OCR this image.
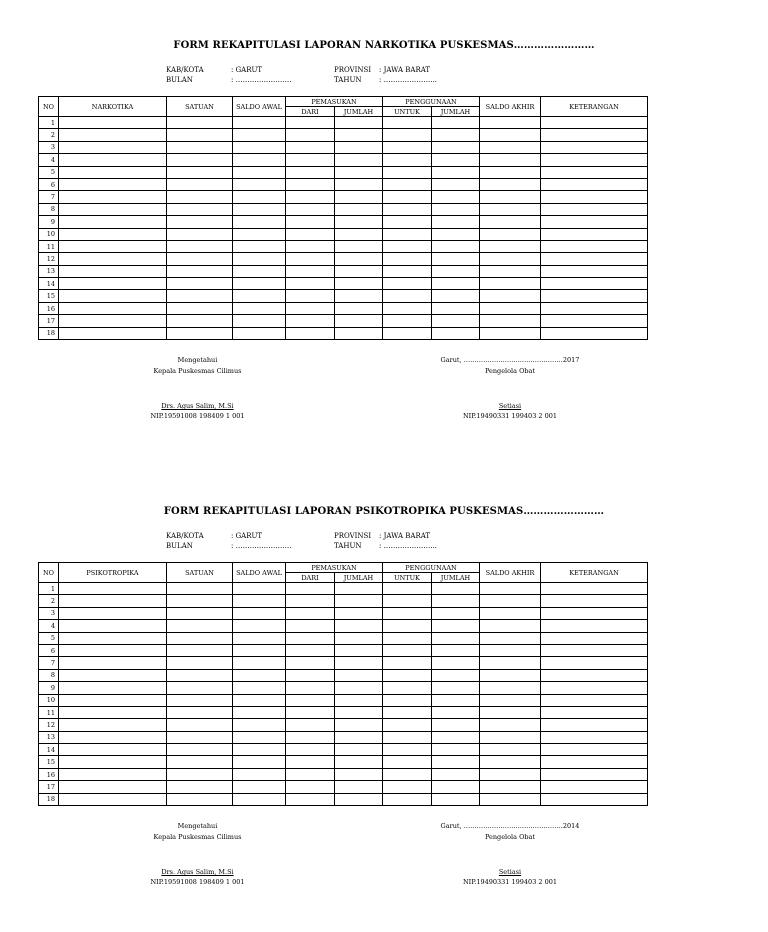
FORM REKAPITULASI LAPORAN NARKOTIKA PUSKESMAS……………………
KAB/KOTA	: GARUT
BULAN	: ……………………
PROVINSI : JAWA BARAT
TAHUN	: …………………..
NO	NARKOTIKA	SATUAN	SALDO AWAL	PEMASUKAN		PENGGUNAAN		SALDO AKHIR	KETERANGAN
				DARI	JUMLAH	UNTUK	JUMLAH		
1									
2									
3									
4									
5									
6									
7									
8									
9									
10									
11									
12									
13									
14									
15									
16									
17									
18									
Mengetahui
Kepala Puskesmas Cilimus
Drs. Agus Salim, M.Si
NIP.19591008 198409 1 001
Garut, ……………………..…..……………2017
Pengelola Obat
Setiasi
NIP.19490331 199403 2 001
FORM REKAPITULASI LAPORAN PSIKOTROPIKA PUSKESMAS……………………
KAB/KOTA	: GARUT
BULAN	: ……………………
PROVINSI : JAWA BARAT
TAHUN	: …………………..
NO	PSIKOTROPIKA	SATUAN	SALDO AWAL	PEMASUKAN		PENGGUNAAN		SALDO AKHIR	KETERANGAN
				DARI	JUMLAH	UNTUK	JUMLAH		
1									
2									
3									
4									
5									
6									
7									
8									
9									
10									
11									
12									
13									
14									
15									
16									
17									
18									
Mengetahui
Kepala Puskesmas Cilimus
Drs. Agus Salim, M.Si
NIP.19591008 198409 1 001
Garut, ……………………..…..……………2014
Pengelola Obat
Setiasi
NIP.19490331 199403 2 001
